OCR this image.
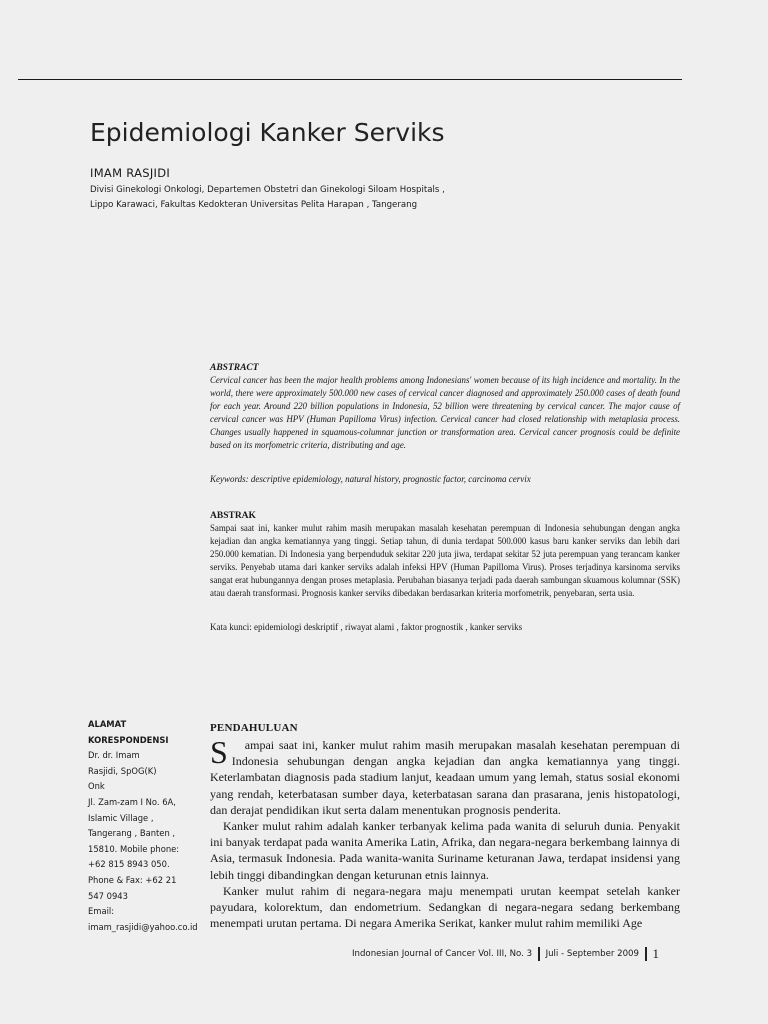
Epidemiologi Kanker Serviks
IMAM RASJIDI
Divisi Ginekologi Onkologi, Departemen Obstetri dan Ginekologi Siloam Hospitals ,
Lippo Karawaci, Fakultas Kedokteran Universitas Pelita Harapan , Tangerang
ABSTRACT

Cervical cancer has been the major health problems among Indonesians' women because of its high incidence and mortality. In the world, there were approximately 500.000 new cases of cervical cancer diagnosed and approximately 250.000 cases of death found for each year. Around 220 billion populations in Indonesia, 52 billion were threatening by cervical cancer. The major cause of cervical cancer was HPV (Human Papilloma Virus) infection. Cervical cancer had closed relationship with metaplasia process. Changes usually happened in squamous-columnar junction or transformation area. Cervical cancer prognosis could be definite based on its morfometric criteria, distributing and age.

Keywords: descriptive epidemiology, natural history, prognostic factor, carcinoma cervix

ABSTRAK

Sampai saat ini, kanker mulut rahim masih merupakan masalah kesehatan perempuan di Indonesia sehubungan dengan angka kejadian dan angka kematiannya yang tinggi. Setiap tahun, di dunia terdapat 500.000 kasus baru kanker serviks dan lebih dari 250.000 kematian. Di Indonesia yang berpenduduk sekitar 220 juta jiwa, terdapat sekitar 52 juta perempuan yang terancam kanker serviks. Penyebab utama dari kanker serviks adalah infeksi HPV (Human Papilloma Virus). Proses terjadinya karsinoma serviks sangat erat hubungannya dengan proses metaplasia. Perubahan biasanya terjadi pada daerah sambungan skuamous kolumnar (SSK) atau daerah transformasi. Prognosis kanker serviks dibedakan berdasarkan kriteria morfometrik, penyebaran, serta usia.

Kata kunci: epidemiologi deskriptif , riwayat alami , faktor prognostik , kanker serviks

ALAMAT
KORESPONDENSI
Dr. dr. Imam
Rasjidi, SpOG(K)
Onk
Jl. Zam-zam I No. 6A,
Islamic Village ,
Tangerang , Banten ,
15810. Mobile phone:
+62 815 8943 050.
Phone & Fax: +62 21
547 0943
Email:
imam_rasjidi@yahoo.co.id
PENDAHULUAN

S ampai saat ini, kanker mulut rahim masih merupakan masalah kesehatan perempuan di Indonesia sehubungan dengan angka kejadian dan angka kematiannya yang tinggi. Keterlambatan diagnosis pada stadium lanjut, keadaan umum yang lemah, status sosial ekonomi yang rendah, keterbatasan sumber daya, keterbatasan sarana dan prasarana, jenis histopatologi, dan derajat pendidikan ikut serta dalam menentukan prognosis penderita.

Kanker mulut rahim adalah kanker terbanyak kelima pada wanita di seluruh dunia. Penyakit ini banyak terdapat pada wanita Amerika Latin, Afrika, dan negara-negara berkembang lainnya di Asia, termasuk Indonesia. Pada wanita-wanita Suriname keturanan Jawa, terdapat insidensi yang lebih tinggi dibandingkan dengan keturunan etnis lainnya.

Kanker mulut rahim di negara-negara maju menempati urutan keempat setelah kanker payudara, kolorektum, dan endometrium. Sedangkan di negara-negara sedang berkembang menempati urutan pertama. Di negara Amerika Serikat, kanker mulut rahim memiliki Age

Indonesian Journal of Cancer Vol. III, No. 3 Juli - September 2009 1
